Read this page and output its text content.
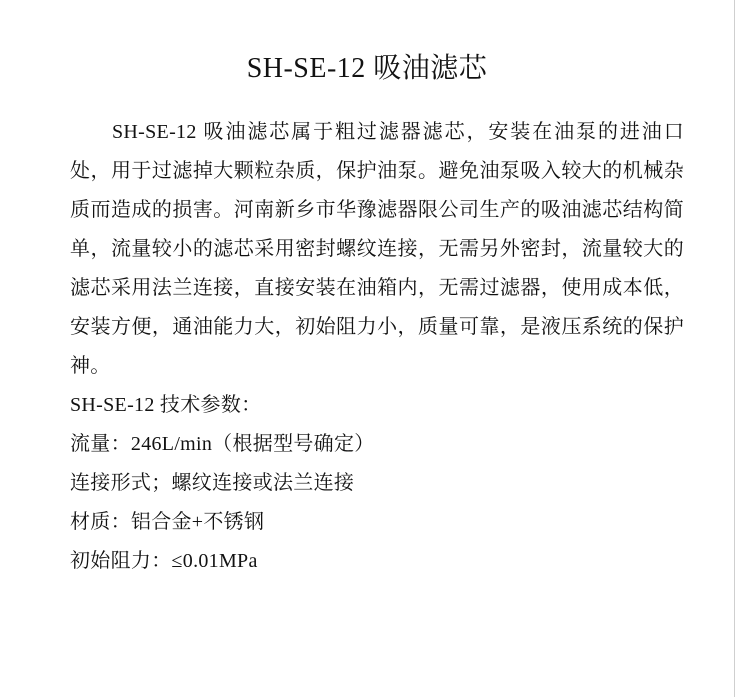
SH-SE-12 吸油滤芯

SH-SE-12 吸油滤芯属于粗过滤器滤芯，安装在油泵的进油口处，用于过滤掉大颗粒杂质，保护油泵。避免油泵吸入较大的机械杂质而造成的损害。河南新乡市华豫滤器限公司生产的吸油滤芯结构简单，流量较小的滤芯采用密封螺纹连接，无需另外密封，流量较大的滤芯采用法兰连接，直接安装在油箱内，无需过滤器，使用成本低，安装方便，通油能力大，初始阻力小，质量可靠，是液压系统的保护神。

SH-SE-12 技术参数：

流量：246L/min（根据型号确定）

连接形式；螺纹连接或法兰连接

材质：铝合金+不锈钢

初始阻力：≤0.01MPa
